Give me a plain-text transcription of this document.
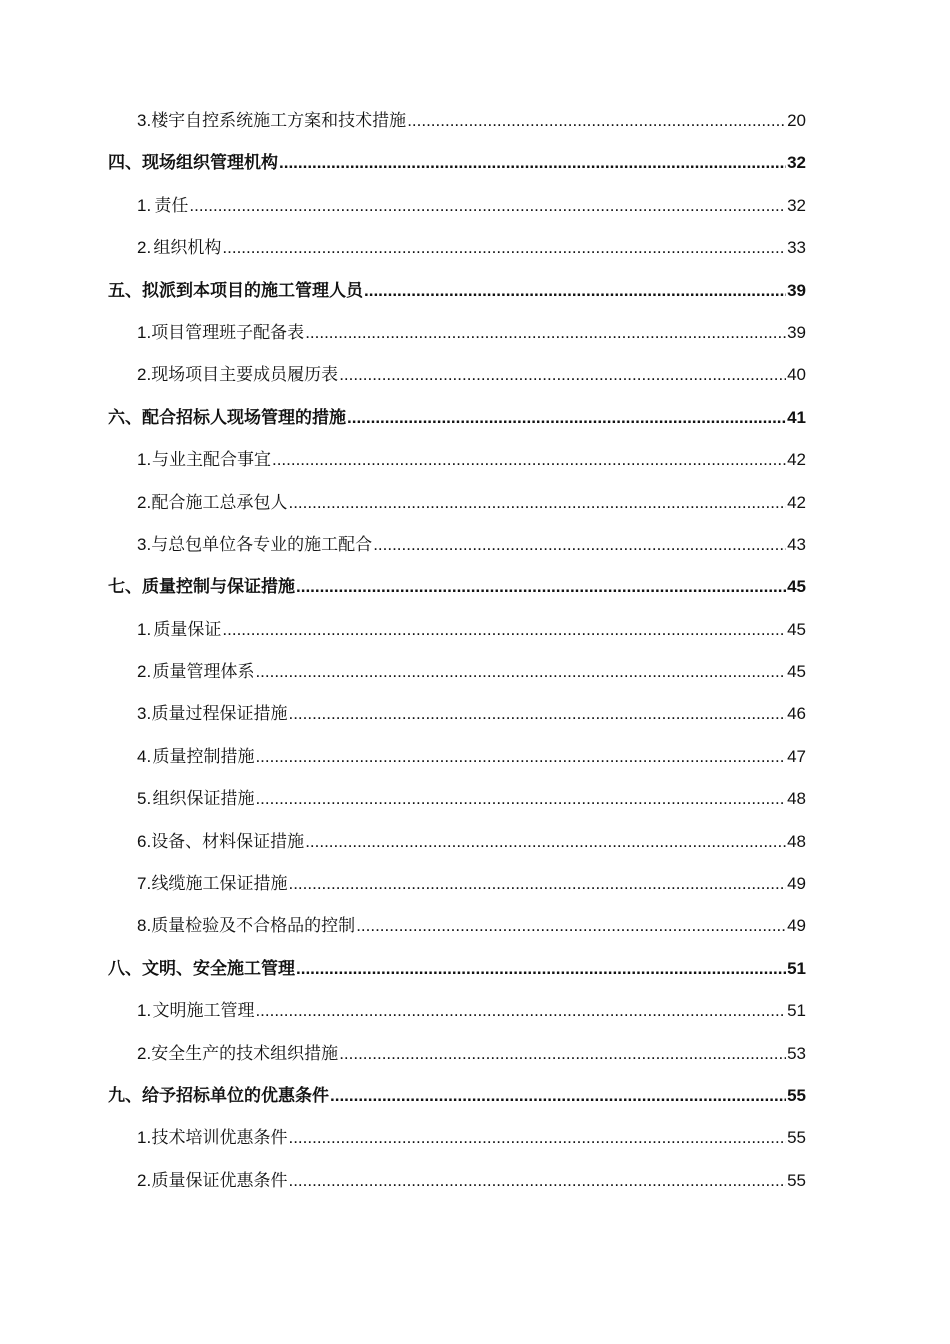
3. 楼宇自控系统施工方案和技术措施 .....	20
四、现场组织管理机构 .....	32
1. 责任 .....	32
2. 组织机构 .....	33
五、拟派到本项目的施工管理人员 .....	39
1. 项目管理班子配备表 .....	39
2. 现场项目主要成员履历表 .....	40
六、配合招标人现场管理的措施 .....	41
1. 与业主配合事宜 .....	42
2. 配合施工总承包人 .....	42
3. 与总包单位各专业的施工配合 .....	43
七、质量控制与保证措施 .....	45
1. 质量保证 .....	45
2. 质量管理体系 .....	45
3. 质量过程保证措施 .....	46
4. 质量控制措施 .....	47
5. 组织保证措施 .....	48
6. 设备、材料保证措施 .....	48
7. 线缆施工保证措施 .....	49
8. 质量检验及不合格品的控制 .....	49
八、文明、安全施工管理 .....	51
1. 文明施工管理 .....	51
2. 安全生产的技术组织措施 .....	53
九、给予招标单位的优惠条件 .....	55
1. 技术培训优惠条件 .....	55
2. 质量保证优惠条件 .....	55
